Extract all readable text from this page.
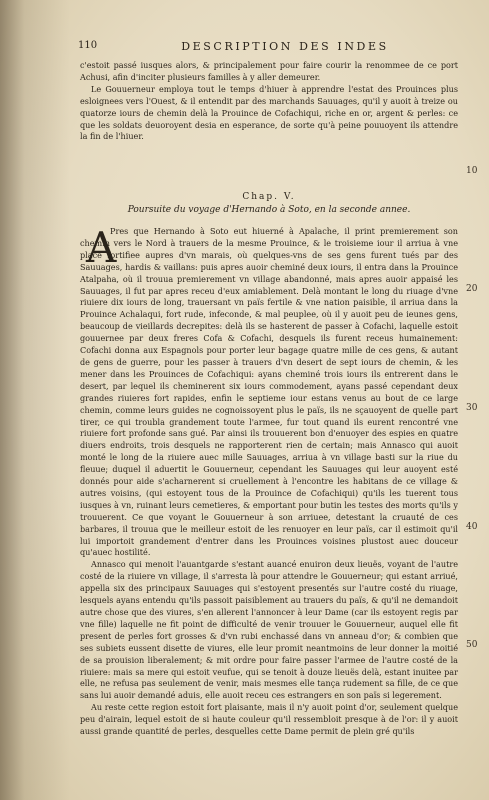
110	DESCRIPTION DES INDES

c'estoit passé iusques alors, & principalement pour faire courir la renommee de ce port Achusi, afin d'inciter plusieurs familles à y aller demeurer.

Le Gouuerneur employa tout le temps d'hiuer à apprendre l'estat des Prouinces plus esloignees vers l'Ouest, & il entendit par des marchands Sauuages, qu'il y auoit à treize ou quatorze iours de chemin delà la Prouince de Cofachiqui, riche en or, argent & perles: ce que les soldats deuoroyent desia en esperance, de sorte qu'à peine pouuoyent ils attendre la fin de l'hiuer.

Chap. V.
Poursuite du voyage d'Hernando à Soto, en la seconde annee.
A

Pres que Hernando à Soto eut hiuerné à Apalache, il print premierement son chemin vers le Nord à trauers de la mesme Prouince, & le troisieme iour il arriua à vne place fortifiee aupres d'vn marais, où quelques-vns de ses gens furent tués par des Sauuages, hardis & vaillans: puis apres auoir cheminé deux iours, il entra dans la Prouince Atalpaha, où il trouua premierement vn village abandonné, mais apres auoir appaisé les Sauuages, il fut par apres receu d'eux amiablement. Delà montant le long du riuage d'vne riuiere dix iours de long, trauersant vn païs fertile & vne nation paisible, il arriua dans la Prouince Achalaqui, fort rude, infeconde, & mal peuplee, où il y auoit peu de ieunes gens, beaucoup de vieillards decrepites: delà ils se hasterent de passer à Cofachi, laquelle estoit gouuernee par deux freres Cofa & Cofachi, desquels ils furent receus humainement: Cofachi donna aux Espagnols pour porter leur bagage quatre mille de ces gens, & autant de gens de guerre, pour les passer à trauers d'vn desert de sept iours de chemin, & les mener dans les Prouinces de Cofachiqui: ayans cheminé trois iours ils entrerent dans le desert, par lequel ils cheminerent six iours commodement, ayans passé cependant deux grandes riuieres fort rapides, enfin le septieme iour estans venus au bout de ce large chemin, comme leurs guides ne cognoissoyent plus le païs, ils ne sçauoyent de quelle part tirer, ce qui troubla grandement toute l'armee, fur tout quand ils eurent rencontré vne riuiere fort profonde sans gué. Par ainsi ils trouuerent bon d'enuoyer des espies en quatre diuers endroits, trois desquels ne rapporterent rien de certain; mais Annasco qui auoit monté le long de la riuiere auec mille Sauuages, arriua à vn village basti sur la riue du fleuue; duquel il aduertit le Gouuerneur, cependant les Sauuages qui leur auoyent esté donnés pour aide s'acharnerent si cruellement à l'encontre les habitans de ce village & autres voisins, (qui estoyent tous de la Prouince de Cofachiqui) qu'ils les tuerent tous iusques à vn, ruinant leurs cemetieres, & emportant pour butin les testes des morts qu'ils y trouuerent. Ce que voyant le Gouuerneur à son arriuee, detestant la cruauté de ces barbares, il trouua que le meilleur estoit de les renuoyer en leur païs, car il estimoit qu'il lui importoit grandement d'entrer dans les Prouinces voisines plustost auec douceur qu'auec hostilité.

Annasco qui menoit l'auantgarde s'estant auancé enuiron deux lieuës, voyant de l'autre costé de la riuiere vn village, il s'arresta là pour attendre le Gouuerneur; qui estant arriué, appella six des principaux Sauuages qui s'estoyent presentés sur l'autre costé du riuage, lesquels ayans entendu qu'ils passoit paisiblement au trauers du païs, & qu'il ne demandoit autre chose que des viures, s'en allerent l'annoncer à leur Dame (car ils estoyent regis par vne fille) laquelle ne fit point de difficulté de venir trouuer le Gouuerneur, auquel elle fit present de perles fort grosses & d'vn rubi enchassé dans vn anneau d'or; & combien que ses subiets eussent disette de viures, elle leur promit neantmoins de leur donner la moitié de sa prouision liberalement; & mit ordre pour faire passer l'armee de l'autre costé de la riuiere: mais sa mere qui estoit veufue, qui se tenoit à douze lieuës delà, estant inuitee par elle, ne refusa pas seulement de venir, mais mesmes elle tança rudement sa fille, de ce que sans lui auoir demandé aduis, elle auoit receu ces estrangers en son païs si legerement.

Au reste cette region estoit fort plaisante, mais il n'y auoit point d'or, seulement quelque peu d'airain, lequel estoit de si haute couleur qu'il ressembloit presque à de l'or: il y auoit aussi grande quantité de perles, desquelles cette Dame permit de plein gré qu'ils

10
20
30
40
50
